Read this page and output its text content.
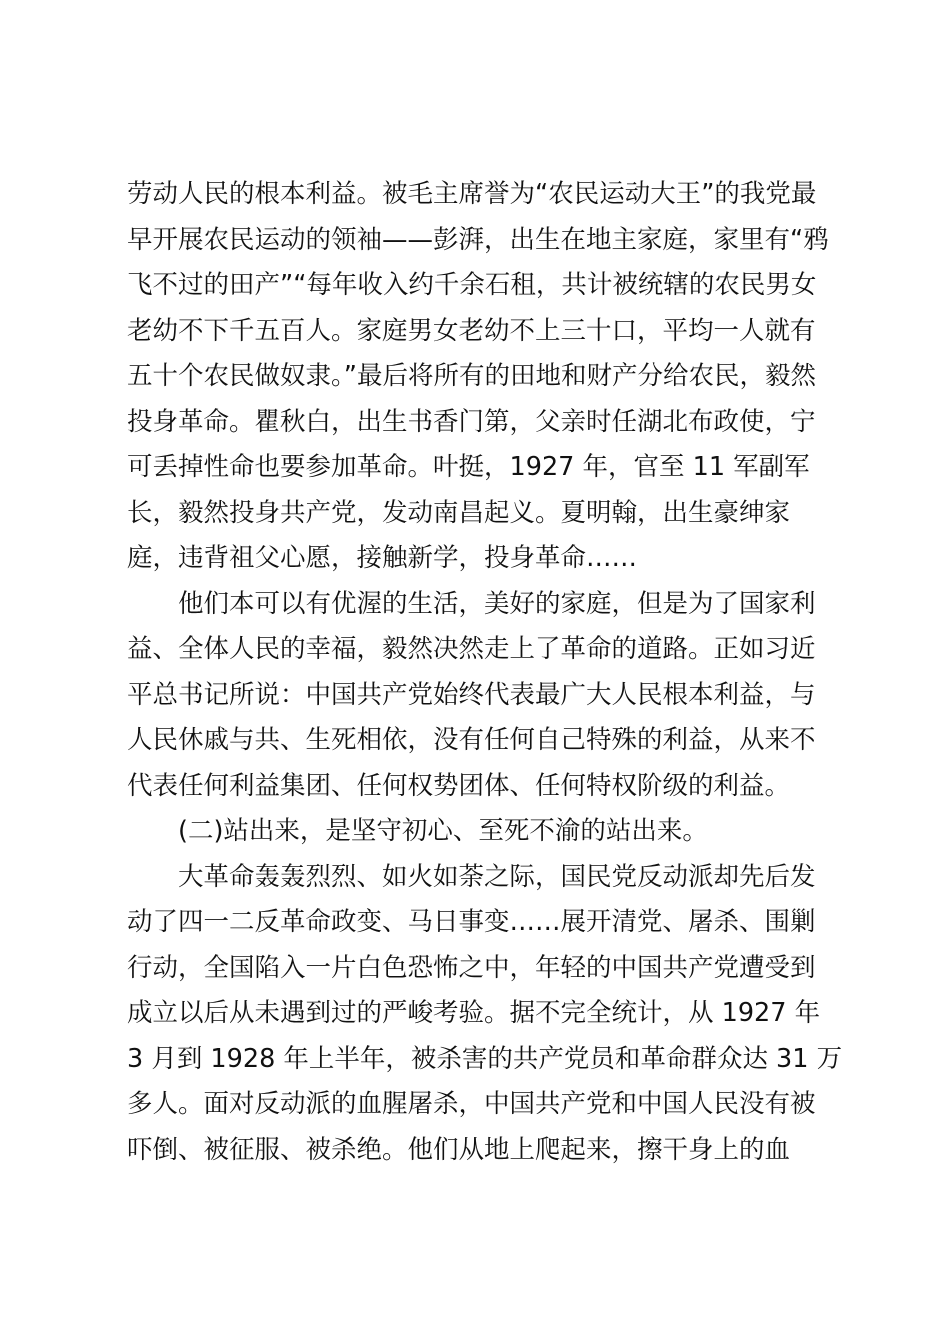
劳动人民的根本利益。被毛主席誉为“农民运动大王”的我党最
早开展农民运动的领袖——彭湃，出生在地主家庭，家里有“鸦
飞不过的田产”“每年收入约千余石租，共计被统辖的农民男女
老幼不下千五百人。家庭男女老幼不上三十口，平均一人就有
五十个农民做奴隶。”最后将所有的田地和财产分给农民，毅然
投身革命。瞿秋白，出生书香门第，父亲时任湖北布政使，宁
可丢掉性命也要参加革命。叶挺，1927 年，官至 11 军副军
长，毅然投身共产党，发动南昌起义。夏明翰，出生豪绅家
庭，违背祖父心愿，接触新学，投身革命……
他们本可以有优渥的生活，美好的家庭，但是为了国家利
益、全体人民的幸福，毅然决然走上了革命的道路。正如习近
平总书记所说：中国共产党始终代表最广大人民根本利益，与
人民休戚与共、生死相依，没有任何自己特殊的利益，从来不
代表任何利益集团、任何权势团体、任何特权阶级的利益。
(二)站出来，是坚守初心、至死不渝的站出来。
大革命轰轰烈烈、如火如荼之际，国民党反动派却先后发
动了四一二反革命政变、马日事变……展开清党、屠杀、围剿
行动，全国陷入一片白色恐怖之中，年轻的中国共产党遭受到
成立以后从未遇到过的严峻考验。据不完全统计，从 1927 年
3 月到 1928 年上半年，被杀害的共产党员和革命群众达 31 万
多人。面对反动派的血腥屠杀，中国共产党和中国人民没有被
吓倒、被征服、被杀绝。他们从地上爬起来，擦干身上的血
